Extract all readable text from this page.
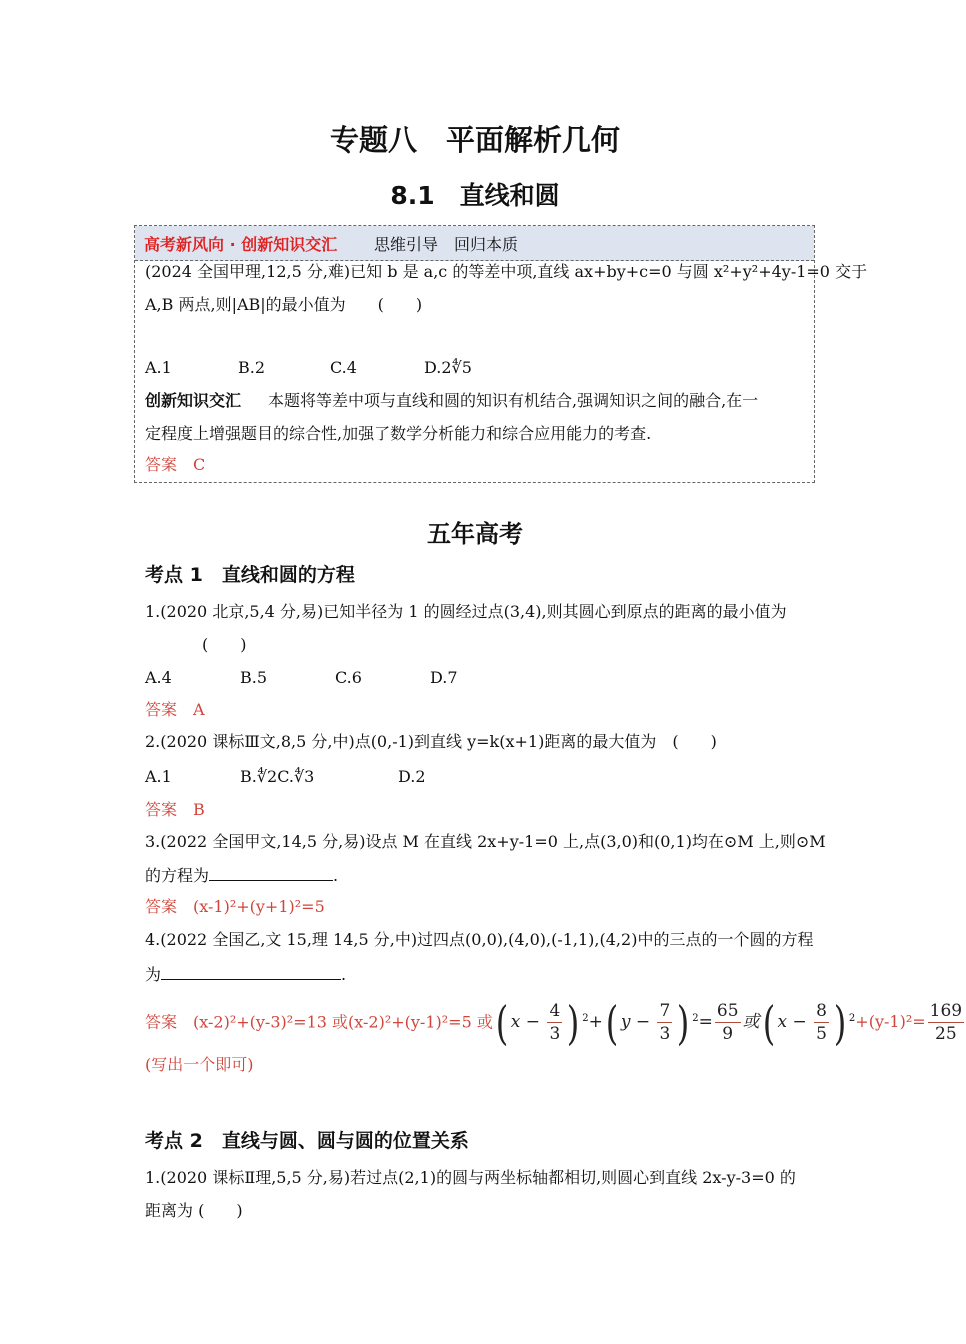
专题八　平面解析几何
8.1　直线和圆
高考新风向 · 创新知识交汇 思维引导　回归本质
(2024 全国甲理,12,5 分,难)已知 b 是 a,c 的等差中项,直线 ax+by+c=0 与圆 x²+y²+4y-1=0 交于
A,B 两点,则|AB|的最小值为　　(　　)
A.1	B.2	C.4	D.2∜5
创新知识交汇 本题将等差中项与直线和圆的知识有机结合,强调知识之间的融合,在一
定程度上增强题目的综合性,加强了数学分析能力和综合应用能力的考查.
答案　C
五年高考
考点 1　直线和圆的方程
1.(2020 北京,5,4 分,易)已知半径为 1 的圆经过点(3,4),则其圆心到原点的距离的最小值为
(　　)
A.4	B.5	C.6	D.7
答案　A
2.(2020 课标Ⅲ文,8,5 分,中)点(0,-1)到直线 y=k(x+1)距离的最大值为　(　　)
A.1	B.∜2C.∜3	D.2
答案　B
3.(2022 全国甲文,14,5 分,易)设点 M 在直线 2x+y-1=0 上,点(3,0)和(0,1)均在⊙M 上,则⊙M
的方程为	.
答案　(x-1)²+(y+1)²=5
4.(2022 全国乙,文 15,理 14,5 分,中)过四点(0,0),(4,0),(-1,1),(4,2)中的三点的一个圆的方程
为	.
答案　(x-2)²+(y-3)²=13 或(x-2)²+(y-1)²=5 或( $x - \frac{4}{3}$ ) $^2$+( $y - \frac{7}{3}$ ) $^2= \frac{65}{9}$ 或( $x - \frac{8}{5}$ ) $^2+(y-1)^2= \frac{169}{25}$
(写出一个即可)
考点 2　直线与圆、圆与圆的位置关系
1.(2020 课标Ⅱ理,5,5 分,易)若过点(2,1)的圆与两坐标轴都相切,则圆心到直线 2x-y-3=0 的
距离为 (　　)
